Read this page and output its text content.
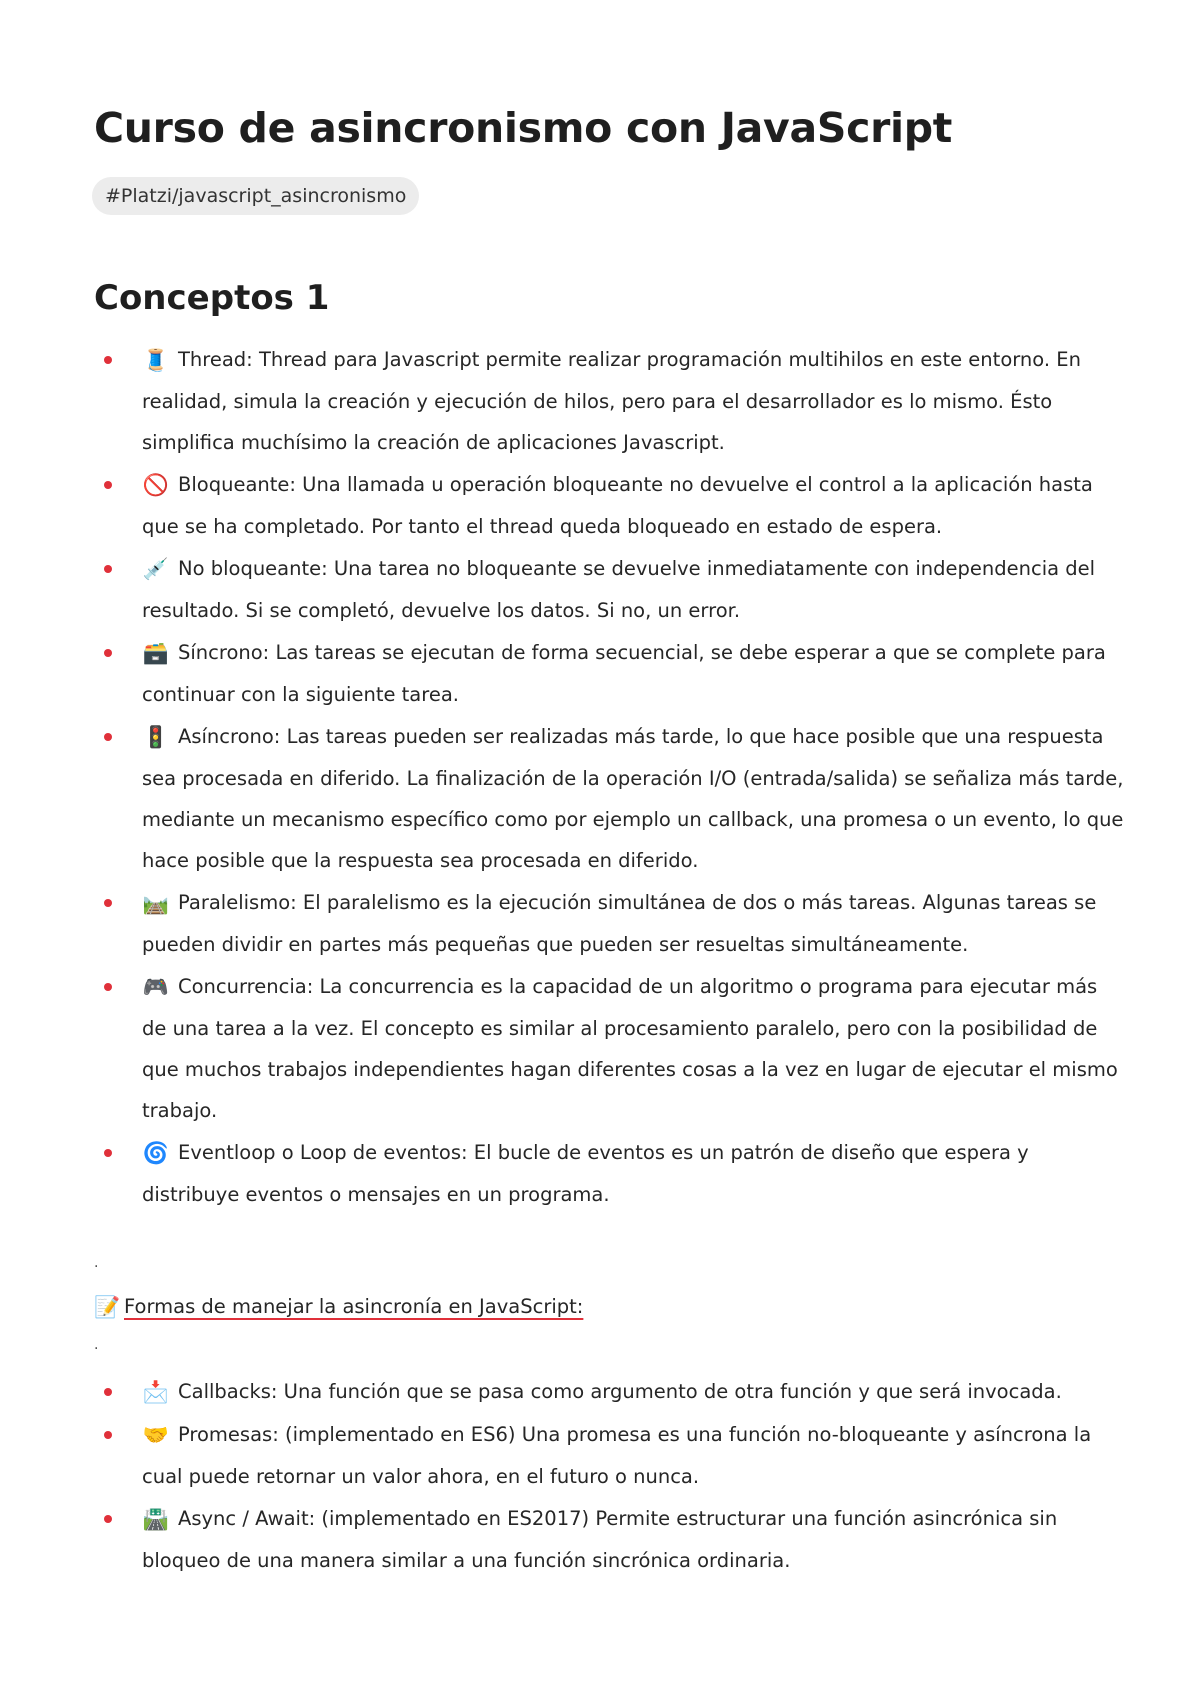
Curso de asincronismo con JavaScript
#Platzi/javascript_asincronismo
Conceptos 1
🧵 Thread: Thread para Javascript permite realizar programación multihilos en este entorno. En realidad, simula la creación y ejecución de hilos, pero para el desarrollador es lo mismo. Ésto simplifica muchísimo la creación de aplicaciones Javascript.
🚫 Bloqueante: Una llamada u operación bloqueante no devuelve el control a la aplicación hasta que se ha completado. Por tanto el thread queda bloqueado en estado de espera.
💉 No bloqueante: Una tarea no bloqueante se devuelve inmediatamente con independencia del resultado. Si se completó, devuelve los datos. Si no, un error.
🗃️ Síncrono: Las tareas se ejecutan de forma secuencial, se debe esperar a que se complete para continuar con la siguiente tarea.
🚦 Asíncrono: Las tareas pueden ser realizadas más tarde, lo que hace posible que una respuesta sea procesada en diferido. La finalización de la operación I/O (entrada/salida) se señaliza más tarde, mediante un mecanismo específico como por ejemplo un callback, una promesa o un evento, lo que hace posible que la respuesta sea procesada en diferido.
🛤️ Paralelismo: El paralelismo es la ejecución simultánea de dos o más tareas. Algunas tareas se pueden dividir en partes más pequeñas que pueden ser resueltas simultáneamente.
🎮 Concurrencia: La concurrencia es la capacidad de un algoritmo o programa para ejecutar más de una tarea a la vez. El concepto es similar al procesamiento paralelo, pero con la posibilidad de que muchos trabajos independientes hagan diferentes cosas a la vez en lugar de ejecutar el mismo trabajo.
🌀 Eventloop o Loop de eventos: El bucle de eventos es un patrón de diseño que espera y distribuye eventos o mensajes en un programa.
.
📝 Formas de manejar la asincronía en JavaScript:
.
📩 Callbacks: Una función que se pasa como argumento de otra función y que será invocada.
🤝 Promesas: (implementado en ES6) Una promesa es una función no-bloqueante y asíncrona la cual puede retornar un valor ahora, en el futuro o nunca.
🛣️ Async / Await: (implementado en ES2017) Permite estructurar una función asincrónica sin bloqueo de una manera similar a una función sincrónica ordinaria.
